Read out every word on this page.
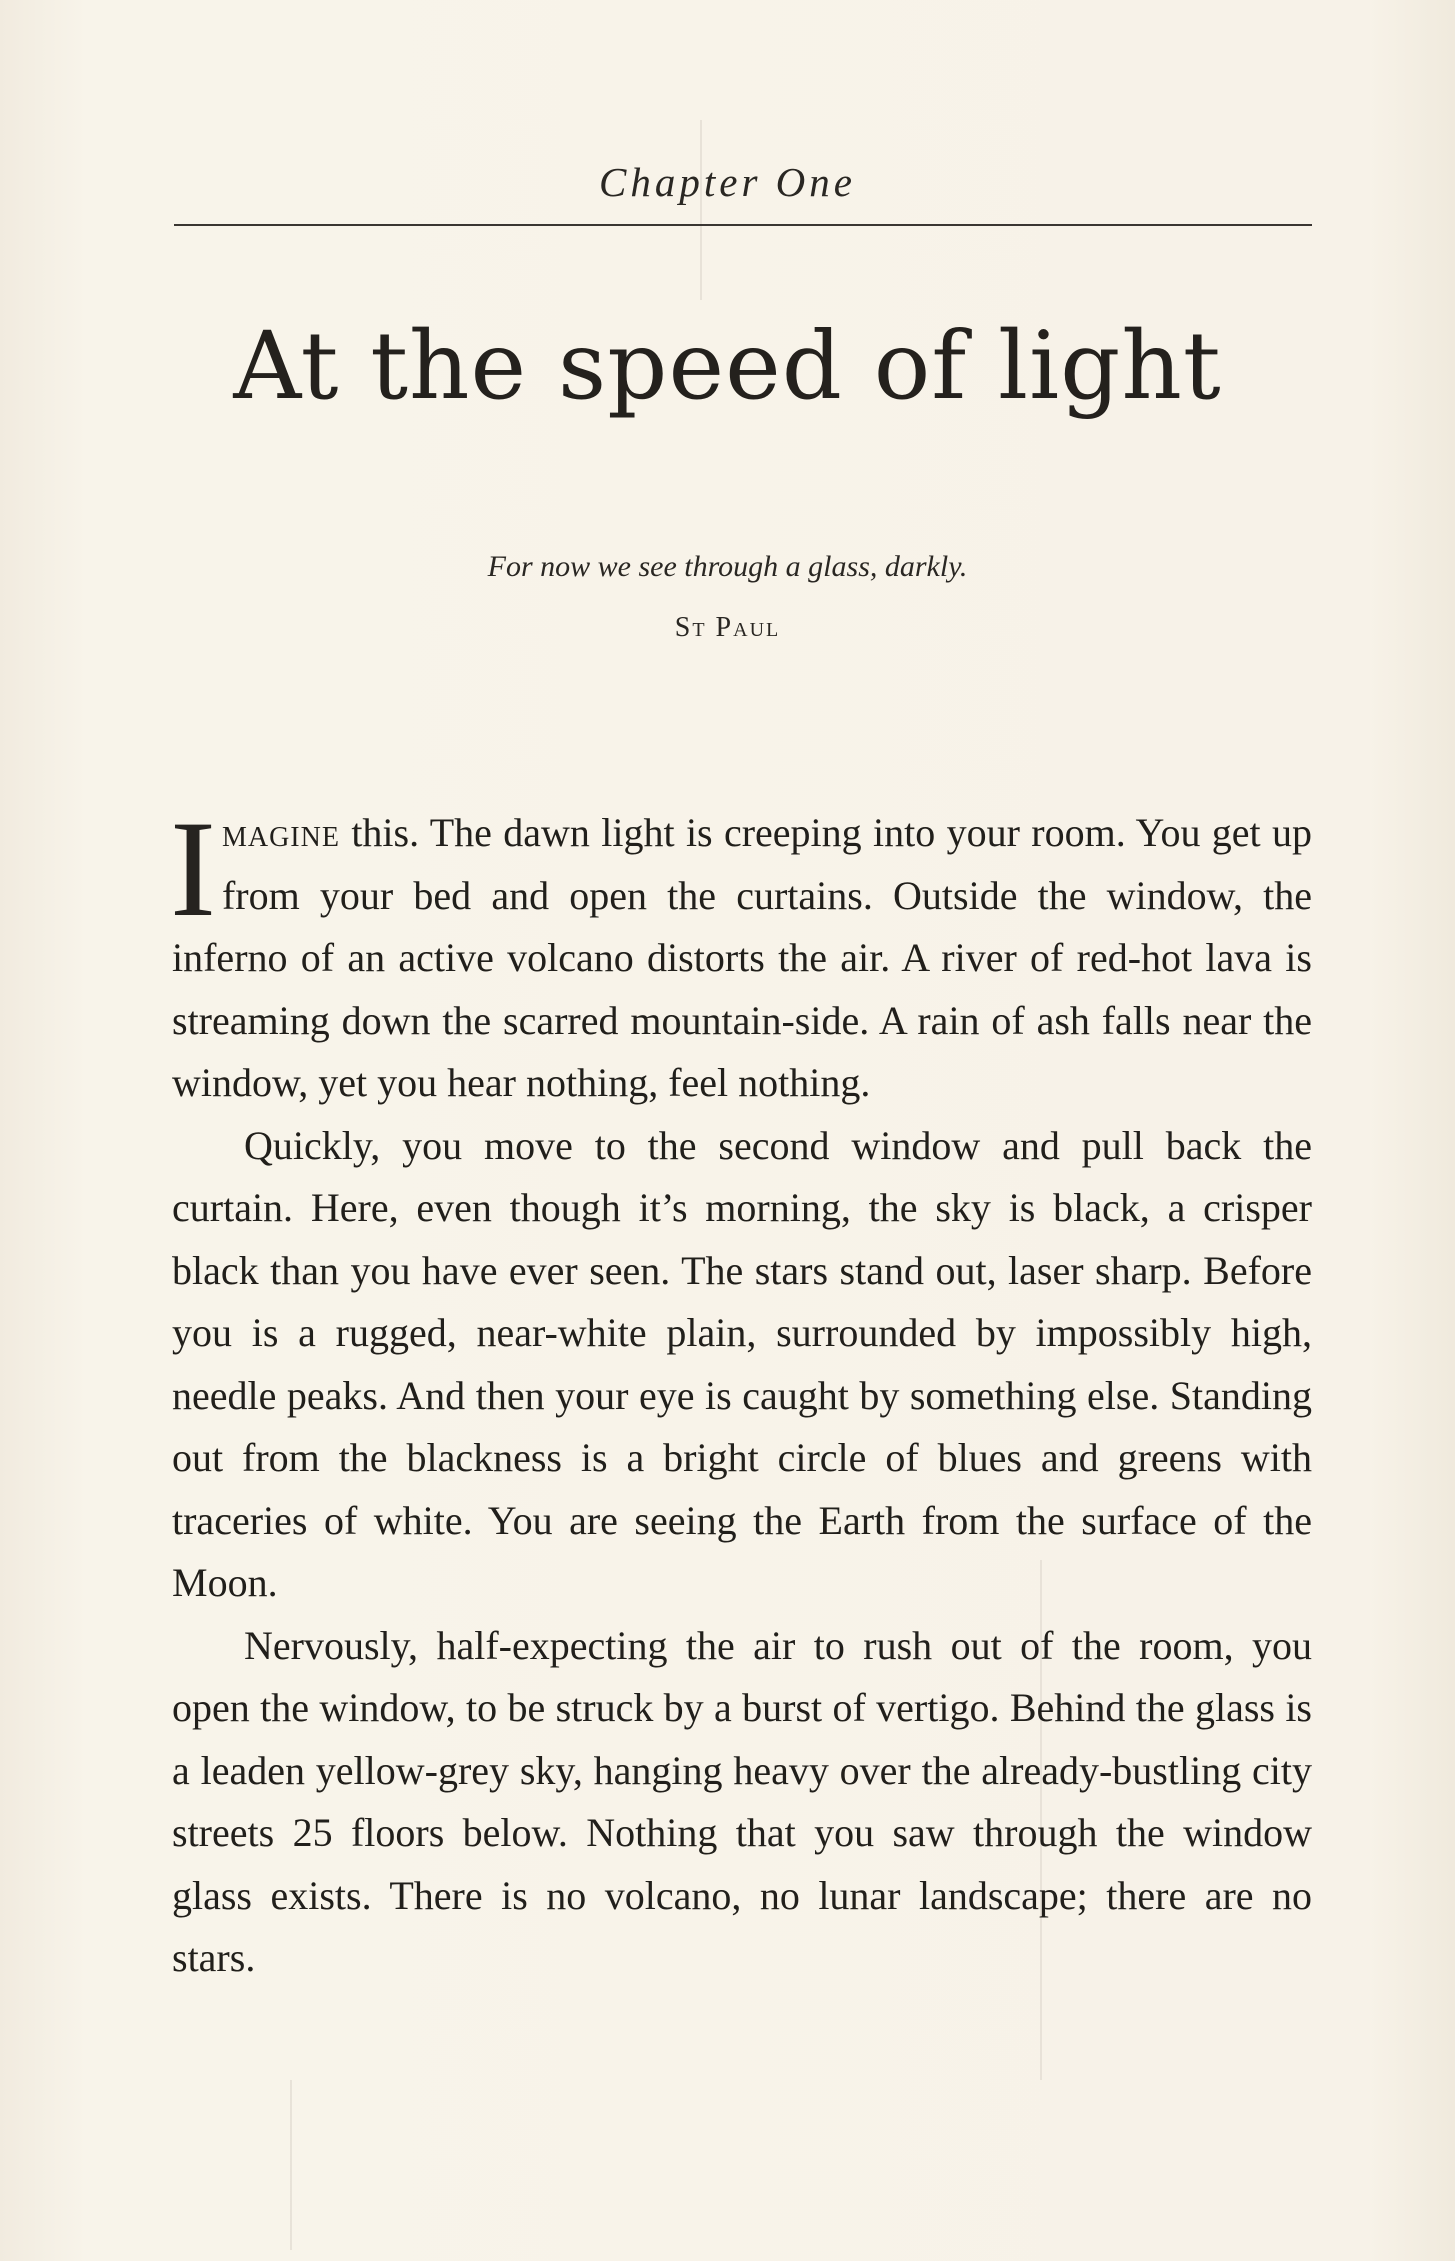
Chapter One
At the speed of light
For now we see through a glass, darkly.
St Paul

Imagine this. The dawn light is creeping into your room. You get up from your bed and open the curtains. Outside the window, the inferno of an active volcano distorts the air. A river of red-hot lava is streaming down the scarred mountain-side. A rain of ash falls near the window, yet you hear nothing, feel nothing.

Quickly, you move to the second window and pull back the curtain. Here, even though it’s morning, the sky is black, a crisper black than you have ever seen. The stars stand out, laser sharp. Before you is a rugged, near-white plain, surrounded by impossibly high, needle peaks. And then your eye is caught by something else. Standing out from the blackness is a bright circle of blues and greens with traceries of white. You are seeing the Earth from the surface of the Moon.

Nervously, half-expecting the air to rush out of the room, you open the window, to be struck by a burst of vertigo. Behind the glass is a leaden yellow-grey sky, hanging heavy over the already-bustling city streets 25 floors below. Nothing that you saw through the window glass exists. There is no volcano, no lunar landscape; there are no stars.
